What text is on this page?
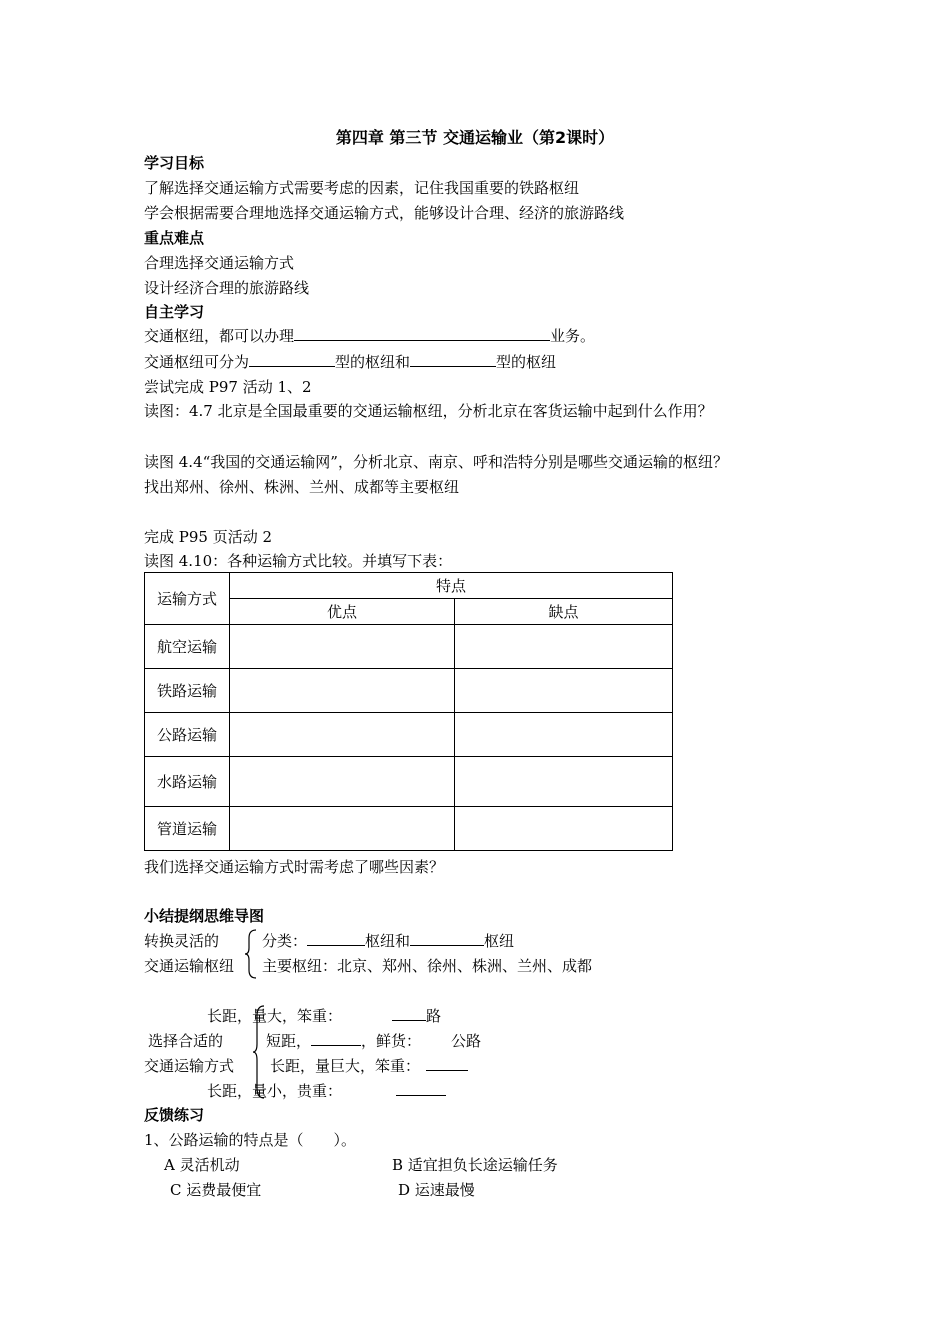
第四章 第三节 交通运输业（第2课时）
学习目标
了解选择交通运输方式需要考虑的因素，记住我国重要的铁路枢纽
学会根据需要合理地选择交通运输方式，能够设计合理、经济的旅游路线
重点难点
合理选择交通运输方式
设计经济合理的旅游路线
自主学习
交通枢纽，都可以办理	业务。
交通枢纽可分为	型的枢纽和	型的枢纽
尝试完成 P97 活动 1、2
读图：4.7 北京是全国最重要的交通运输枢纽，分析北京在客货运输中起到什么作用？
读图 4.4“我国的交通运输网”，分析北京、南京、呼和浩特分别是哪些交通运输的枢纽？
找出郑州、徐州、株洲、兰州、成都等主要枢纽
完成 P95 页活动 2
读图 4.10：各种运输方式比较。并填写下表：
运输方式	特点	
	优点	缺点
航空运输		
铁路运输		
公路运输		
水路运输		
管道运输		
我们选择交通运输方式时需考虑了哪些因素？
小结提纲思维导图
转换灵活的
交通运输枢纽
分类：	枢纽和	枢纽
主要枢纽：北京、郑州、徐州、株洲、兰州、成都
长距，量大，笨重：	路
选择合适的	短距，	，鲜货： 公路
交通运输方式 长距，量巨大，笨重：
长距，量小，贵重：
反馈练习
1、公路运输的特点是（　　）。
A 灵活机动	B 适宜担负长途运输任务
C 运费最便宜	D 运速最慢
